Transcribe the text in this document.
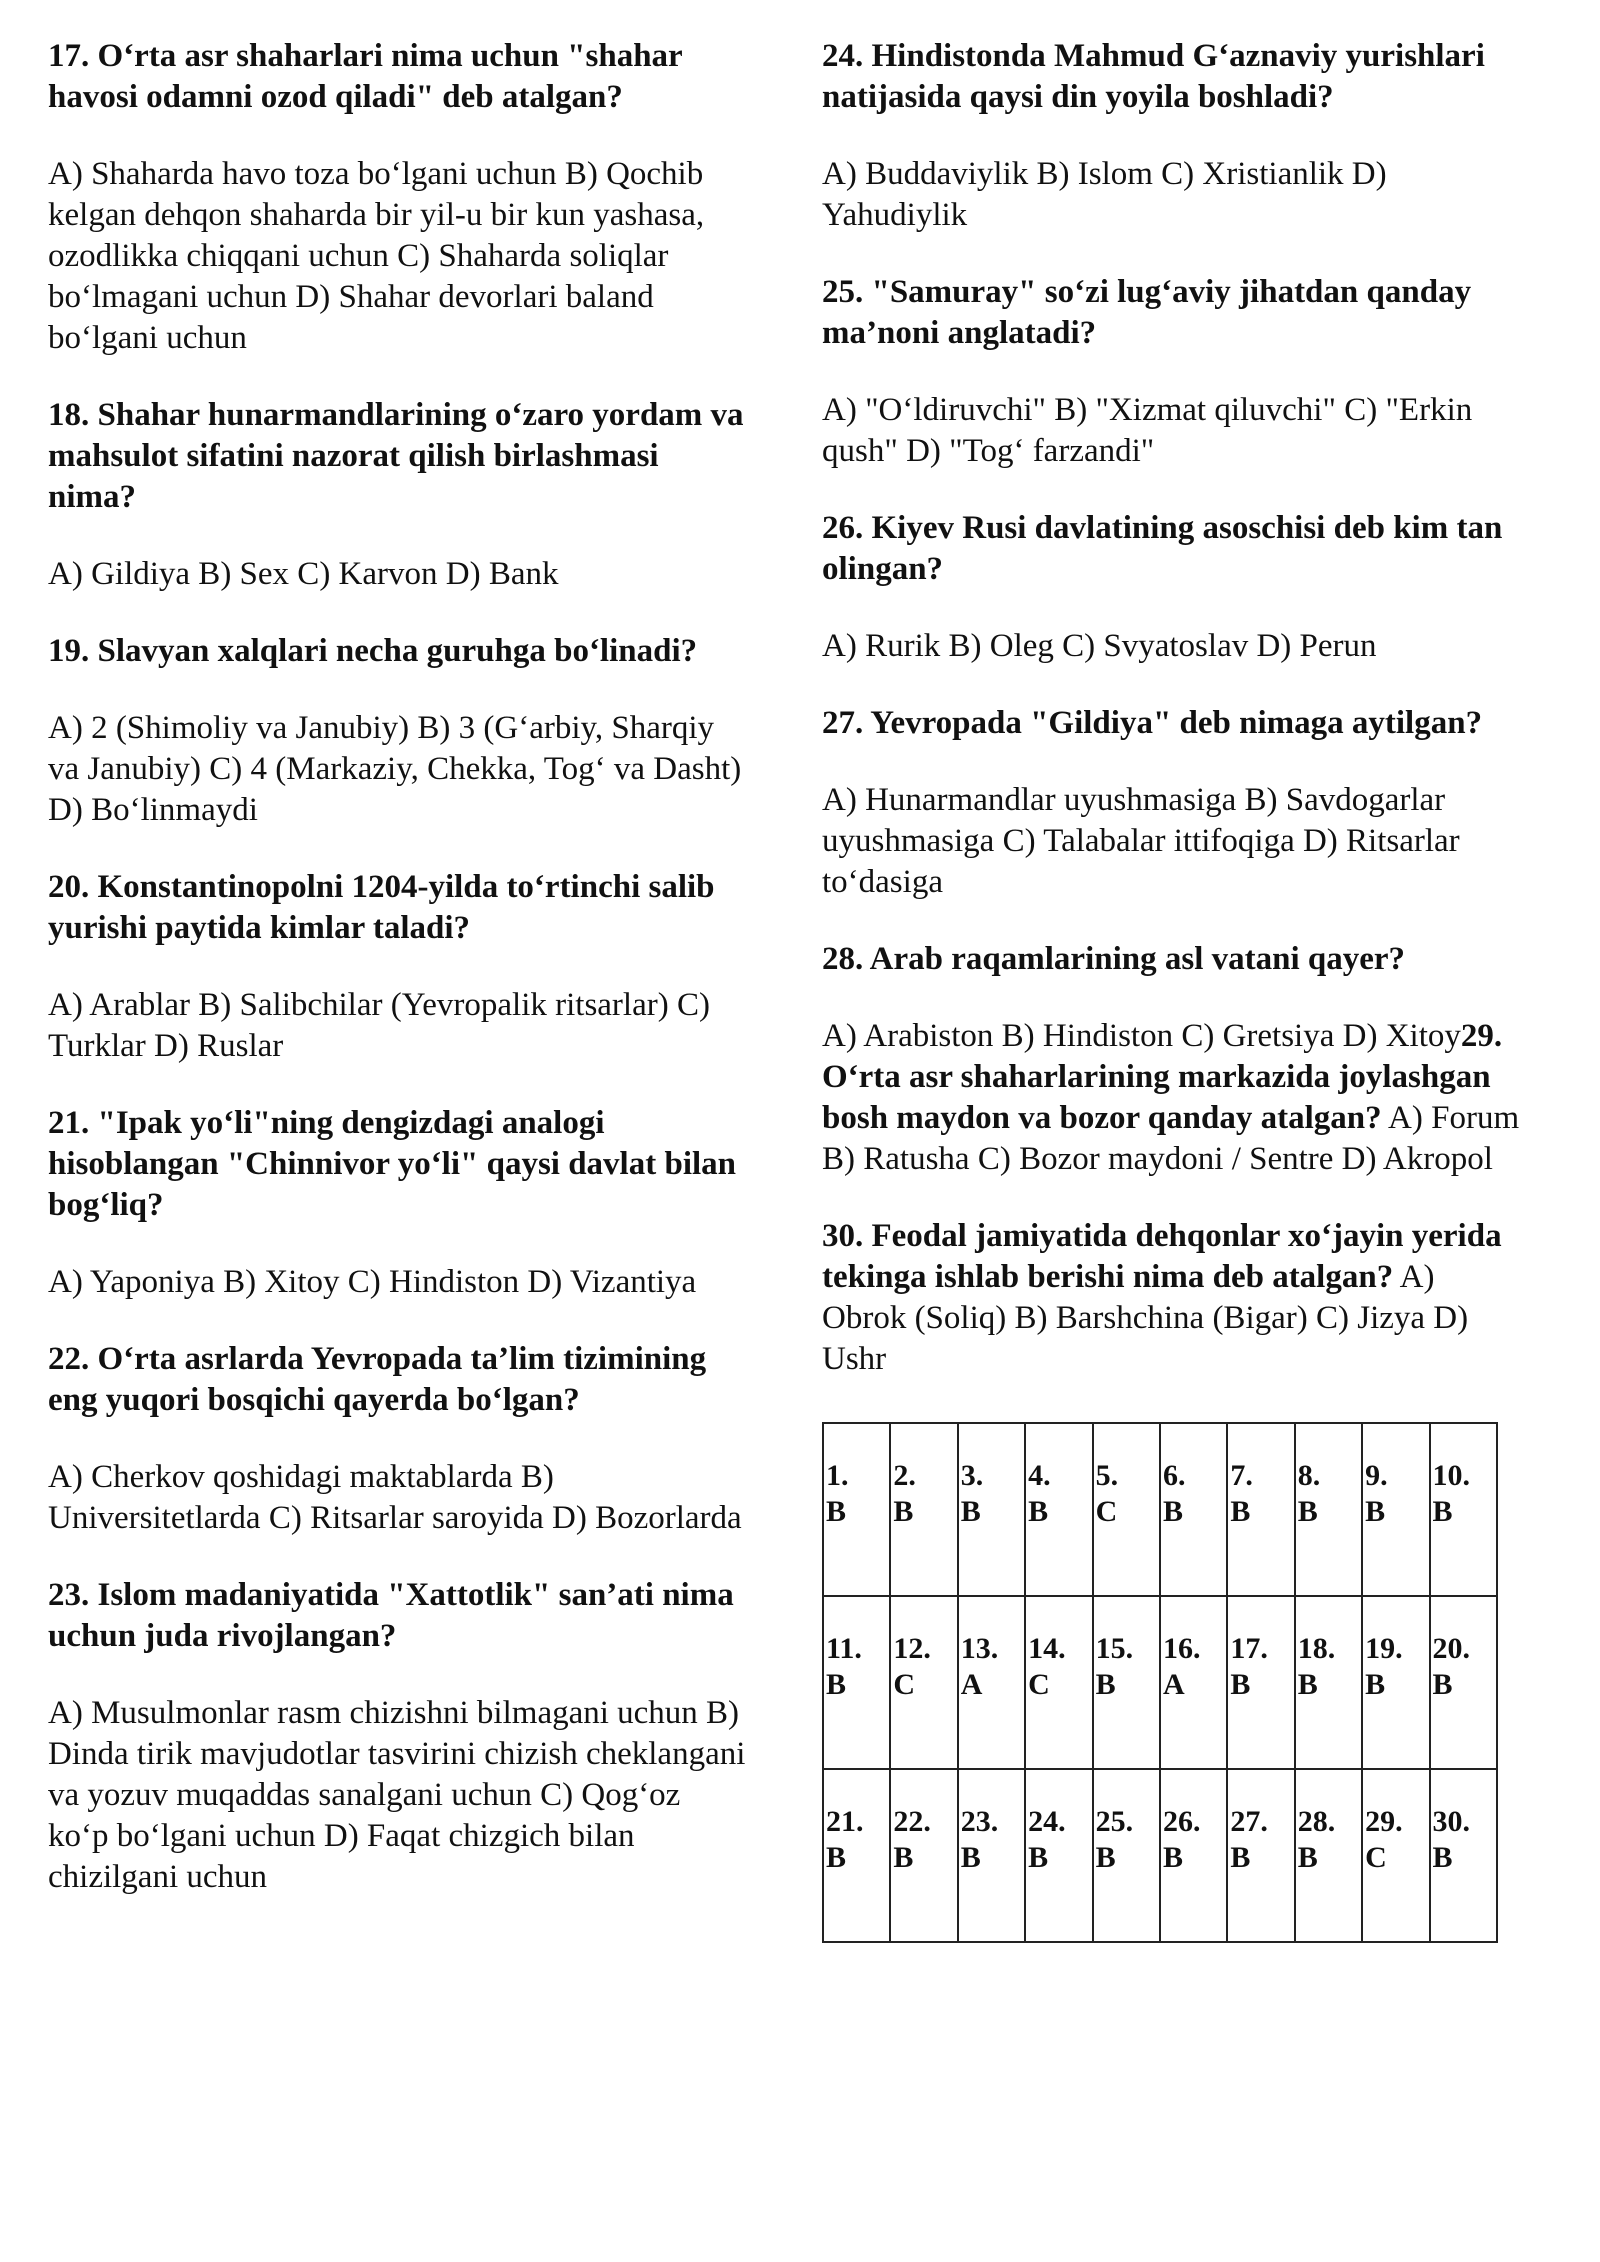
17. O‘rta asr shaharlari nima uchun "shahar havosi odamni ozod qiladi" deb atalgan?

A) Shaharda havo toza bo‘lgani uchun B) Qochib kelgan dehqon shaharda bir yil-u bir kun yashasa, ozodlikka chiqqani uchun C) Shaharda soliqlar bo‘lmagani uchun D) Shahar devorlari baland bo‘lgani uchun

18. Shahar hunarmandlarining o‘zaro yordam va mahsulot sifatini nazorat qilish birlashmasi nima?

A) Gildiya B) Sex C) Karvon D) Bank

19. Slavyan xalqlari necha guruhga bo‘linadi?

A) 2 (Shimoliy va Janubiy) B) 3 (G‘arbiy, Sharqiy va Janubiy) C) 4 (Markaziy, Chekka, Tog‘ va Dasht) D) Bo‘linmaydi

20. Konstantinopolni 1204-yilda to‘rtinchi salib yurishi paytida kimlar taladi?

A) Arablar B) Salibchilar (Yevropalik ritsarlar) C) Turklar D) Ruslar

21. "Ipak yo‘li"ning dengizdagi analogi hisoblangan "Chinnivor yo‘li" qaysi davlat bilan bog‘liq?

A) Yaponiya B) Xitoy C) Hindiston D) Vizantiya

22. O‘rta asrlarda Yevropada ta’lim tizimining eng yuqori bosqichi qayerda bo‘lgan?

A) Cherkov qoshidagi maktablarda B) Universitetlarda C) Ritsarlar saroyida D) Bozorlarda

23. Islom madaniyatida "Xattotlik" san’ati nima uchun juda rivojlangan?

A) Musulmonlar rasm chizishni bilmagani uchun B) Dinda tirik mavjudotlar tasvirini chizish cheklangani va yozuv muqaddas sanalgani uchun C) Qog‘oz ko‘p bo‘lgani uchun D) Faqat chizgich bilan chizilgani uchun

24. Hindistonda Mahmud G‘aznaviy yurishlari natijasida qaysi din yoyila boshladi?

A) Buddaviylik B) Islom C) Xristianlik D) Yahudiylik

25. "Samuray" so‘zi lug‘aviy jihatdan qanday ma’noni anglatadi?

A) "O‘ldiruvchi" B) "Xizmat qiluvchi" C) "Erkin qush" D) "Tog‘ farzandi"

26. Kiyev Rusi davlatining asoschisi deb kim tan olingan?

A) Rurik B) Oleg C) Svyatoslav D) Perun

27. Yevropada "Gildiya" deb nimaga aytilgan?

A) Hunarmandlar uyushmasiga B) Savdogarlar uyushmasiga C) Talabalar ittifoqiga D) Ritsarlar to‘dasiga

28. Arab raqamlarining asl vatani qayer?

A) Arabiston B) Hindiston C) Gretsiya D) Xitoy29. O‘rta asr shaharlarining markazida joylashgan bosh maydon va bozor qanday atalgan? A) Forum B) Ratusha C) Bozor maydoni / Sentre D) Akropol

30. Feodal jamiyatida dehqonlar xo‘jayin yerida tekinga ishlab berishi nima deb atalgan? A) Obrok (Soliq) B) Barshchina (Bigar) C) Jizya D) Ushr

1.
B	2.
B	3.
B	4.
B	5.
C	6.
B	7.
B	8.
B	9.
B	10.
B

11.
B	12.
C	13.
A	14.
C	15.
B	16.
A	17.
B	18.
B	19.
B	20.
B

21.
B	22.
B	23.
B	24.
B	25.
B	26.
B	27.
B	28.
B	29.
C	30.
B
